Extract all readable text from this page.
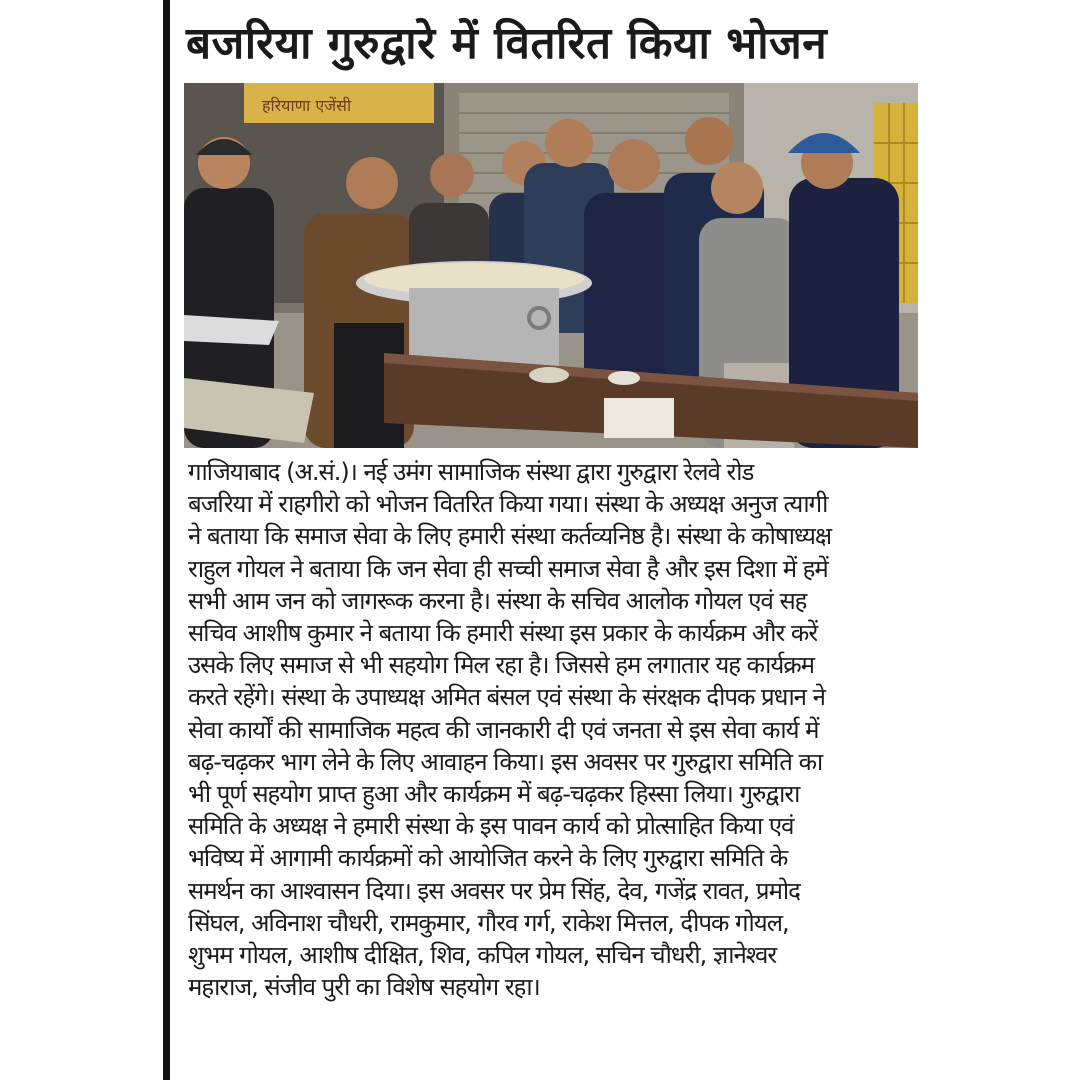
बजरिया गुरुद्वारे में वितरित किया भोजन
हरियाणा एजेंसी
गाजियाबाद (अ.सं.)। नई उमंग सामाजिक संस्था द्वारा गुरुद्वारा रेलवे रोड
बजरिया में राहगीरो को भोजन वितरित किया गया। संस्था के अध्यक्ष अनुज त्यागी
ने बताया कि समाज सेवा के लिए हमारी संस्था कर्तव्यनिष्ठ है। संस्था के कोषाध्यक्ष
राहुल गोयल ने बताया कि जन सेवा ही सच्ची समाज सेवा है और इस दिशा में हमें
सभी आम जन को जागरूक करना है। संस्था के सचिव आलोक गोयल एवं सह
सचिव आशीष कुमार ने बताया कि हमारी संस्था इस प्रकार के कार्यक्रम और करें
उसके लिए समाज से भी सहयोग मिल रहा है। जिससे हम लगातार यह कार्यक्रम
करते रहेंगे। संस्था के उपाध्यक्ष अमित बंसल एवं संस्था के संरक्षक दीपक प्रधान ने
सेवा कार्यों की सामाजिक महत्व की जानकारी दी एवं जनता से इस सेवा कार्य में
बढ़-चढ़कर भाग लेने के लिए आवाहन किया। इस अवसर पर गुरुद्वारा समिति का
भी पूर्ण सहयोग प्राप्त हुआ और कार्यक्रम में बढ़-चढ़कर हिस्सा लिया। गुरुद्वारा
समिति के अध्यक्ष ने हमारी संस्था के इस पावन कार्य को प्रोत्साहित किया एवं
भविष्य में आगामी कार्यक्रमों को आयोजित करने के लिए गुरुद्वारा समिति के
समर्थन का आश्वासन दिया। इस अवसर पर प्रेम सिंह, देव, गजेंद्र रावत, प्रमोद
सिंघल, अविनाश चौधरी, रामकुमार, गौरव गर्ग, राकेश मित्तल, दीपक गोयल,
शुभम गोयल, आशीष दीक्षित, शिव, कपिल गोयल, सचिन चौधरी, ज्ञानेश्वर
महाराज, संजीव पुरी का विशेष सहयोग रहा।
